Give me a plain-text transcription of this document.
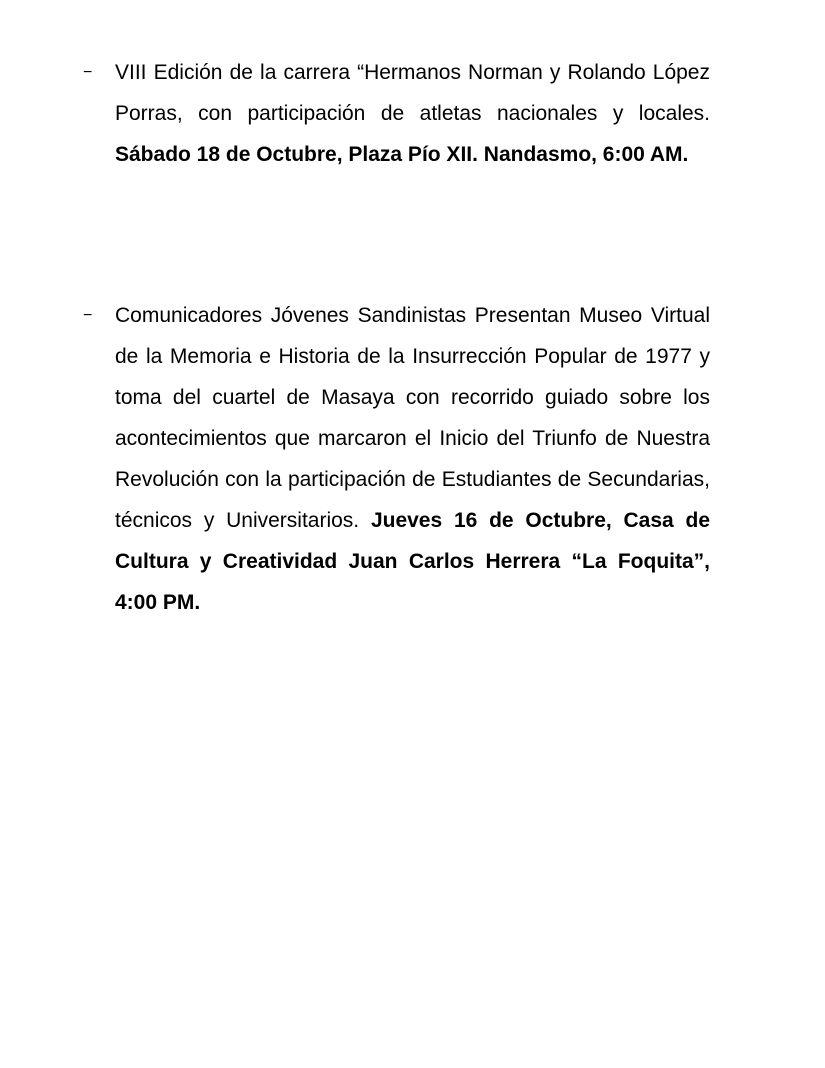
− VIII Edición de la carrera “Hermanos Norman y Rolando López Porras, con participación de atletas nacionales y locales. Sábado 18 de Octubre, Plaza Pío XII. Nandasmo, 6:00 AM.
− Comunicadores Jóvenes Sandinistas Presentan Museo Virtual de la Memoria e Historia de la Insurrección Popular de 1977 y toma del cuartel de Masaya con recorrido guiado sobre los acontecimientos que marcaron el Inicio del Triunfo de Nuestra Revolución con la participación de Estudiantes de Secundarias, técnicos y Universitarios. Jueves 16 de Octubre, Casa de Cultura y Creatividad Juan Carlos Herrera “La Foquita”, 4:00 PM.
